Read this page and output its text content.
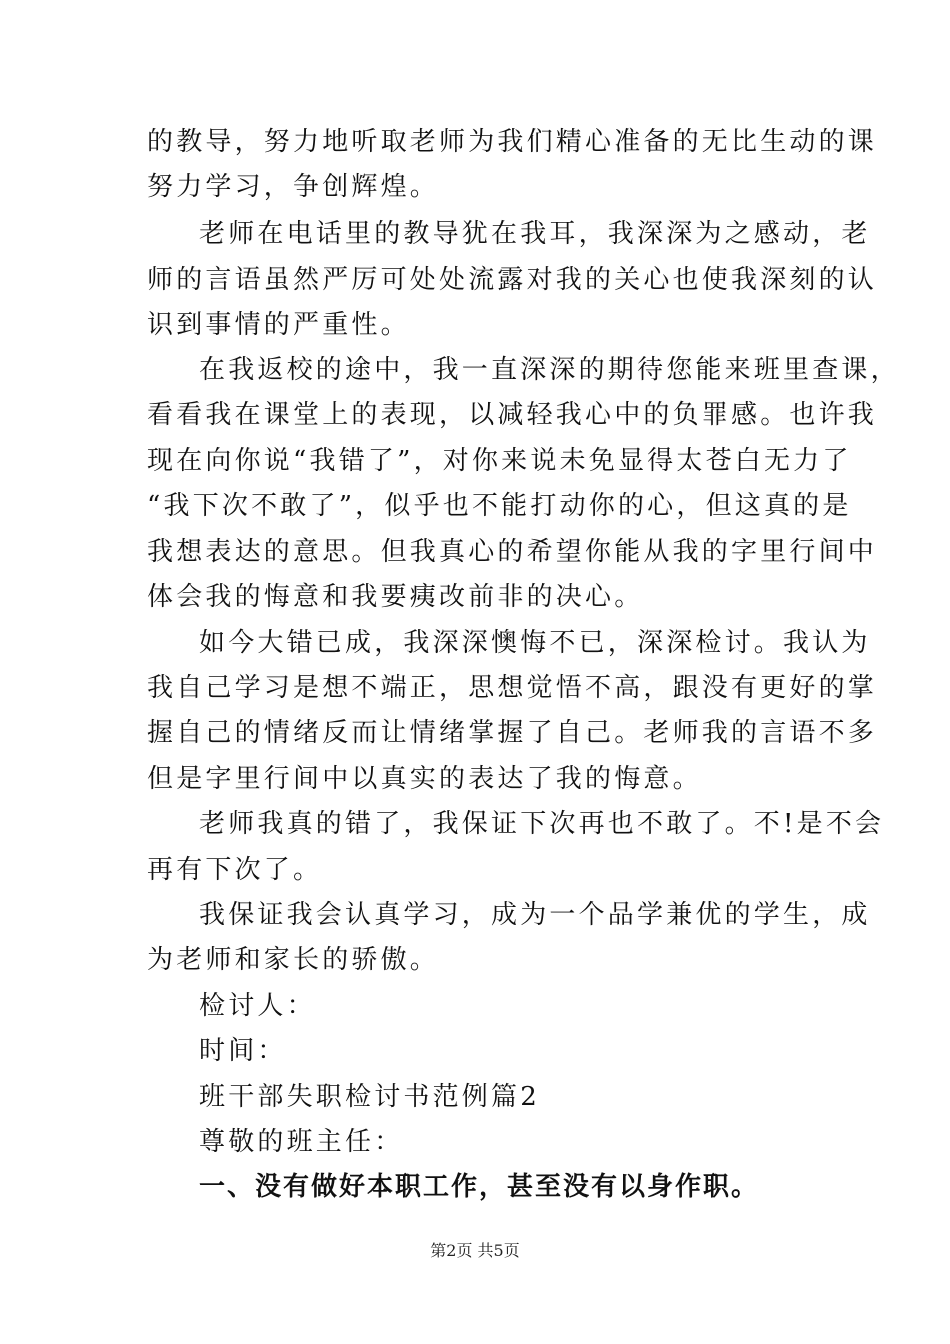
的教导，努力地听取老师为我们精心准备的无比生动的课
努力学习，争创辉煌。
老师在电话里的教导犹在我耳，我深深为之感动，老
师的言语虽然严厉可处处流露对我的关心也使我深刻的认
识到事情的严重性。
在我返校的途中，我一直深深的期待您能来班里查课，
看看我在课堂上的表现，以减轻我心中的负罪感。也许我
现在向你说“我错了”，对你来说未免显得太苍白无力了
“我下次不敢了”，似乎也不能打动你的心，但这真的是
我想表达的意思。但我真心的希望你能从我的字里行间中
体会我的悔意和我要痍改前非的决心。
如今大错已成，我深深懊悔不已，深深检讨。我认为
我自己学习是想不端正，思想觉悟不高，跟没有更好的掌
握自己的情绪反而让情绪掌握了自己。老师我的言语不多
但是字里行间中以真实的表达了我的悔意。
老师我真的错了，我保证下次再也不敢了。不!是不会
再有下次了。
我保证我会认真学习，成为一个品学兼优的学生，成
为老师和家长的骄傲。
检讨人：
时间：
班干部失职检讨书范例篇2
尊敬的班主任：
一、没有做好本职工作，甚至没有以身作职。
第2页 共5页
